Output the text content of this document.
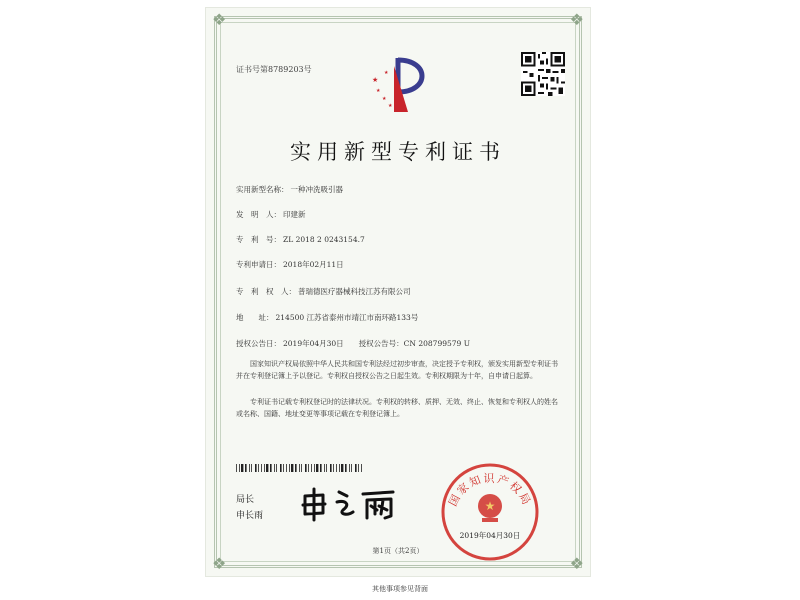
❖	❖
❖	❖
证书号第8789203号
★
★
★
★
★
实用新型专利证书
实用新型名称： 一种冲洗吸引器
发　明　人： 印建新
专　利　号： ZL 2018 2 0243154.7
专利申请日： 2018年02月11日
专　利　权　人： 普瑞德医疗器械科技江苏有限公司
地　　址： 214500 江苏省泰州市靖江市南环路133号
授权公告日： 2019年04月30日　　授权公告号：CN 208799579 U
国家知识产权局依照中华人民共和国专利法经过初步审查，决定授予专利权，颁发实用新型专利证书并在专利登记簿上予以登记。专利权自授权公告之日起生效。专利权期限为十年，自申请日起算。
专利证书记载专利权登记时的法律状况。专利权的转移、质押、无效、终止、恢复和专利权人的姓名或名称、国籍、地址变更等事项记载在专利登记簿上。
局长
申长雨
国家知识产权局
★
2019年04月30日
第1页（共2页）
其他事项参见背面
